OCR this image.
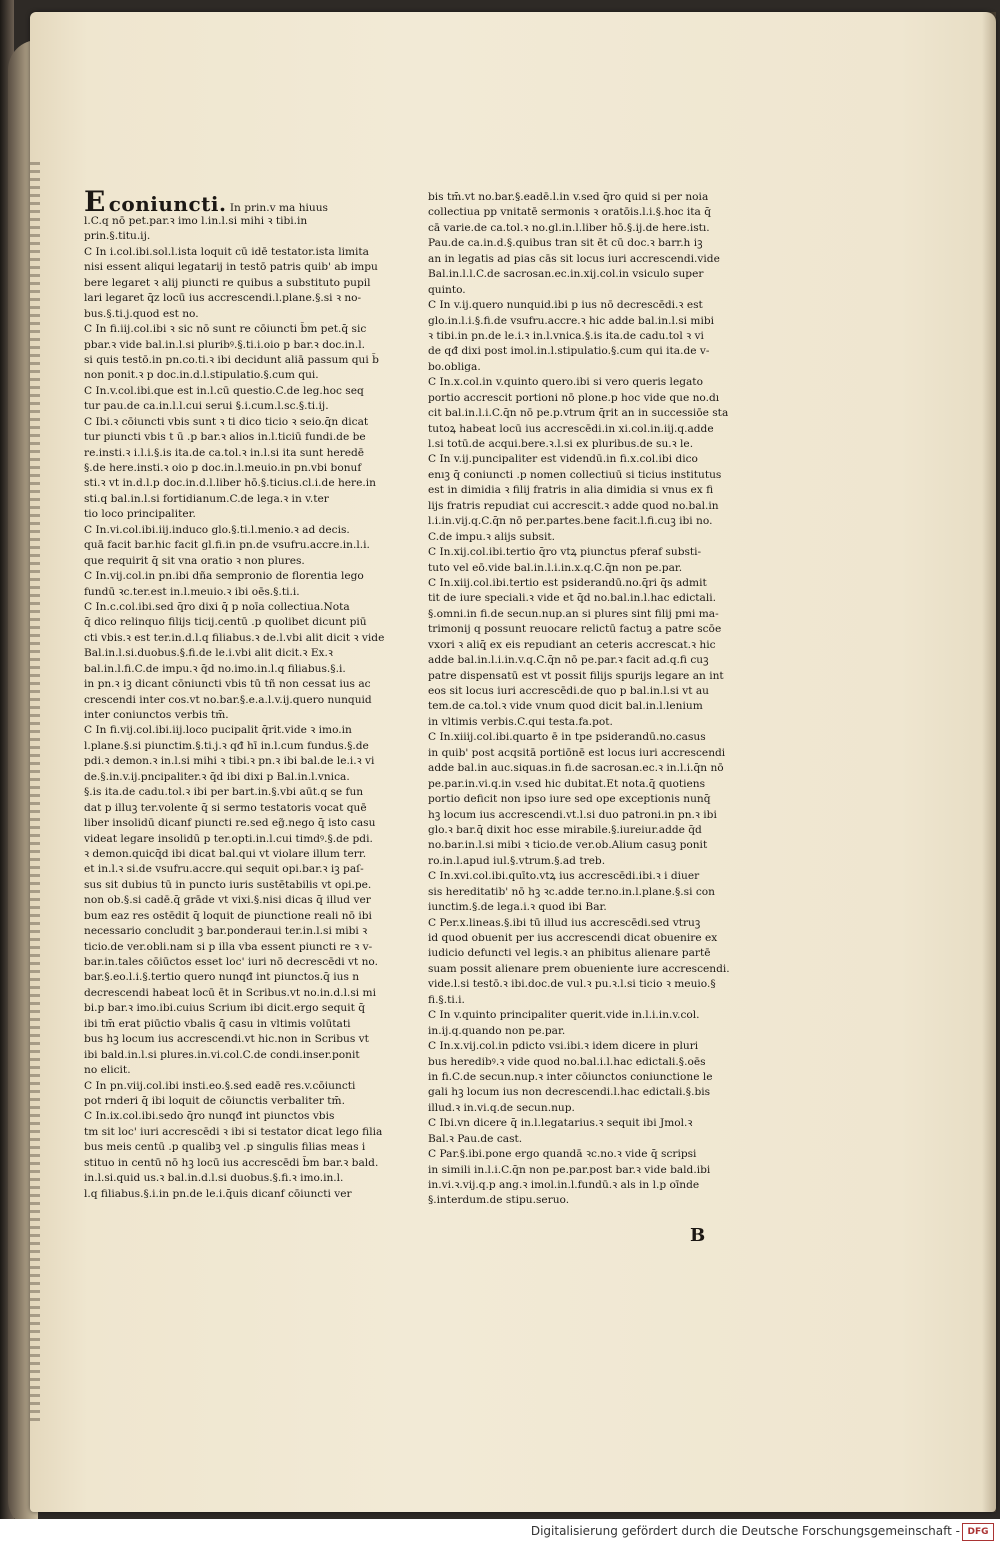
E coniuncti. In prin.v ma hiuus
l.C.q nō pet.par.ꝛ imo l.in.l.si mihi ꝛ tibi.in
prin.§.titu.ij.
C In i.col.ibi.sol.l.ista loquit cū idē testator.ista limita
nisi essent aliqui legatarij in testō patris quib' ab impu
bere legaret ꝛ alij piuncti re quibus a substituto pupil
lari legaret q̄z locū ius accrescendi.l.plane.§.si ꝛ no-
bus.§.ti.j.quod est no.
C In fi.iij.col.ibi ꝛ sic nō sunt re cōiuncti b̄m pet.q̄ sic
pbar.ꝛ vide bal.in.l.si pluribꝰ.§.ti.i.oio p bar.ꝛ doc.in.l.
si quis testō.in pn.co.ti.ꝛ ibi decidunt aliā passum qui b̄
non ponit.ꝛ p doc.in.d.l.stipulatio.§.cum qui.
C In.v.col.ibi.que est in.l.cū questio.C.de leg.hoc seq
tur pau.de ca.in.l.l.cui serui §.i.cum.l.sc.§.ti.ij.
C Ibi.ꝛ cōiuncti vbis sunt ꝛ ti dico ticio ꝛ seio.q̄n dicat
tur piuncti vbis t ū .p bar.ꝛ alios in.l.ticiū fundi.de be
re.insti.ꝛ i.l.i.§.is ita.de ca.tol.ꝛ in.l.si ita sunt heredē
§.de here.insti.ꝛ oio p doc.in.l.meuio.in pn.vbi bonuf
sti.ꝛ vt in.d.l.p doc.in.d.l.liber hō.§.ticius.cl.i.de here.in
sti.q bal.in.l.si fortidianum.C.de lega.ꝛ in v.ter
tio loco principaliter.
C In.vi.col.ibi.iij.induco glo.§.ti.l.menio.ꝛ ad decis.
quā facit bar.hic facit gl.fi.in pn.de vsufru.accre.in.l.i.
que requirit q̄ sit vna oratio ꝛ non plures.
C In.vij.col.in pn.ibi dña sempronio de florentia lego
fundū ꝛc.ter.est in.l.meuio.ꝛ ibi oēs.§.ti.i.
C In.c.col.ibi.sed q̄ro dixi q̄ p noīa collectiua.Nota
q̄ dico relinquo filijs ticij.centū .p quolibet dicunt piū
cti vbis.ꝛ est ter.in.d.l.q filiabus.ꝛ de.l.vbi alit dicit ꝛ vide
Bal.in.l.si.duobus.§.fi.de le.i.vbi alit dicit.ꝛ Ex.ꝛ
bal.in.l.fi.C.de impu.ꝛ q̄d no.imo.in.l.q filiabus.§.i.
in pn.ꝛ iꝫ dicant cōniuncti vbis tū tñ non cessat ius ac
crescendi inter cos.vt no.bar.§.e.a.l.v.ij.quero nunquid
inter coniunctos verbis tm̄.
C In fi.vij.col.ibi.iij.loco pucipalit q̄rit.vide ꝛ imo.in
l.plane.§.si piunctim.§.ti.j.ꝛ qđ hī in.l.cum fundus.§.de
pdi.ꝛ demon.ꝛ in.l.si mihi ꝛ tibi.ꝛ pn.ꝛ ibi bal.de le.i.ꝛ vi
de.§.in.v.ij.pncipaliter.ꝛ q̄d ibi dixi p Bal.in.l.vnica.
§.is ita.de cadu.tol.ꝛ ibi per bart.in.§.vbi aūt.q se fun
dat p illuꝫ ter.volente q̄ si sermo testatoris vocat quē
liber insolidū dicanf piuncti re.sed eg̃.nego q̄ isto casu
videat legare insolidū p ter.opti.in.l.cui timdꝰ.§.de pdi.
ꝛ demon.quicq̄d ibi dicat bal.qui vt violare illum terr.
et in.l.ꝛ si.de vsufru.accre.qui sequit opi.bar.ꝛ iꝫ paſ-
sus sit dubius tū in puncto iuris sustētabilis vt opi.pe.
non ob.§.si cadē.q̄ grāde vt vixi.§.nisi dicas q̄ illud ver
bum eaz res ostēdit q̄ loquit de piunctione reali nō ibi
necessario concludit ꝫ bar.ponderaui ter.in.l.si mibi ꝛ
ticio.de ver.obli.nam si p illa vba essent piuncti re ꝛ v-
bar.in.tales cōiūctos esset loc' iuri nō decrescēdi vt no.
bar.§.eo.l.i.§.tertio quero nunqđ int piunctos.q̄ ius n
decrescendi habeat locū ēt in Scribus.vt no.in.d.l.si mi
bi.p bar.ꝛ imo.ibi.cuius Scrium ibi dicit.ergo sequit q̄
ibi tm̄ erat piūctio vbalis q̄ casu in vltimis volūtati
bus hꝫ locum ius accrescendi.vt hic.non in Scribus vt
ibi bald.in.l.si plures.in.vi.col.C.de condi.inser.ponit
no elicit.
C In pn.viij.col.ibi insti.eo.§.sed eadē res.v.cōiuncti
pot rnderi q̄ ibi loquit de cōiunctis verbaliter tm̄.
C In.ix.col.ibi.sedo q̄ro nunqđ int piunctos vbis
tm sit loc' iuri accrescēdi ꝛ ibi si testator dicat lego filia
bus meis centū .p qualibꝫ vel .p singulis filias meas i
stituo in centū nō hꝫ locū ius accrescēdi b̄m bar.ꝛ bald.
in.l.si.quid us.ꝛ bal.in.d.l.si duobus.§.fi.ꝛ imo.in.l.
l.q filiabus.§.i.in pn.de le.i.q̄uis dicanf cōiuncti ver
bis tm̄.vt no.bar.§.eadē.l.in v.sed q̄ro quid si per noia
collectiua pp vnitatē sermonis ꝛ oratōis.l.i.§.hoc ita q̄
cā varie.de ca.tol.ꝛ no.gl.in.l.liber hō.§.ij.de here.istı.
Pau.de ca.in.d.§.quibus tran sit ēt cū doc.ꝛ barr.h iꝫ
an in legatis ad pias cās sit locus iuri accrescendi.vide
Bal.in.l.l.C.de sacrosan.ec.in.xij.col.in vsiculo super
quinto.
C In v.ij.quero nunquid.ibi p ius nō decrescēdi.ꝛ est
glo.in.l.i.§.fi.de vsufru.accre.ꝛ hic adde bal.in.l.si mibi
ꝛ tibi.in pn.de le.i.ꝛ in.l.vnica.§.is ita.de cadu.tol ꝛ vi
de qđ dixi post imol.in.l.stipulatio.§.cum qui ita.de v-
bo.obliga.
C In.x.col.in v.quinto quero.ibi si vero queris legato
portio accrescit portioni nō plone.p hoc vide que no.dı
cit bal.in.l.i.C.q̄n nō pe.p.vtrum q̄rit an in successiōe sta
tutoꝝ habeat locū ius accrescēdi.in xi.col.in.iij.q.adde
l.si totū.de acqui.bere.ꝛ.l.si ex pluribus.de su.ꝛ le.
C In v.ij.puncipaliter est videndū.in fi.x.col.ibi dico
enıꝫ q̄ coniuncti .p nomen collectiuū si ticius institutus
est in dimidia ꝛ filij fratris in alia dimidia si vnus ex fi
lijs fratris repudiat cui accrescit.ꝛ adde quod no.bal.in
l.i.in.vij.q.C.q̄n nō per.partes.bene facit.l.fi.cuꝫ ibi no.
C.de impu.ꝛ alijs subsit.
C In.xij.col.ibi.tertio q̄ro vtꝝ piunctus pferaf substi-
tuto vel eō.vide bal.in.l.i.in.x.q.C.q̄n non pe.par.
C In.xiij.col.ibi.tertio est psiderandū.no.q̄ri q̄s admit
tit de iure speciali.ꝛ vide et q̄d no.bal.in.l.hac edictali.
§.omni.in fi.de secun.nup.an si plures sint filij pmi ma-
trimonij q possunt reuocare relictū factuꝫ a patre scōe
vxori ꝛ aliq̄ ex eis repudiant an ceteris accrescat.ꝛ hic
adde bal.in.l.i.in.v.q.C.q̄n nō pe.par.ꝛ facit ad.q.fi cuꝫ
patre dispensatū est vt possit filijs spurijs legare an int
eos sit locus iuri accrescēdi.de quo p bal.in.l.si vt au
tem.de ca.tol.ꝛ vide vnum quod dicit bal.in.l.lenium
in vltimis verbis.C.qui testa.fa.pot.
C In.xiiij.col.ibi.quarto ē in tpe psiderandū.no.casus
in quib' post acqsitā portiōnē est locus iuri accrescendi
adde bal.in auc.siquas.in fi.de sacrosan.ec.ꝛ in.l.i.q̄n nō
pe.par.in.vi.q.in v.sed hic dubitat.Et nota.q̄ quotiens
portio deficit non ipso iure sed ope exceptionis nunq̄
hꝫ locum ius accrescendi.vt.l.si duo patroni.in pn.ꝛ ibi
glo.ꝛ bar.q̄ dixit hoc esse mirabile.§.iureiur.adde q̄d
no.bar.in.l.si mibi ꝛ ticio.de ver.ob.Alium casuꝫ ponit
ro.in.l.apud iul.§.vtrum.§.ad treb.
C In.xvi.col.ibi.quīto.vtꝝ ius accrescēdi.ibi.ꝛ i diuer
sis hereditatib' nō hꝫ ꝛc.adde ter.no.in.l.plane.§.si con
iunctim.§.de lega.i.ꝛ quod ibi Bar.
C Per.x.lineas.§.ibi tū illud ius accrescēdi.sed vtruꝫ
id quod obuenit per ius accrescendi dicat obuenire ex
iudicio defuncti vel legis.ꝛ an phibitus alienare partē
suam possit alienare prem obueniente iure accrescendi.
vide.l.si testō.ꝛ ibi.doc.de vul.ꝛ pu.ꝛ.l.si ticio ꝛ meuio.§
fi.§.ti.i.
C In v.quinto principaliter querit.vide in.l.i.in.v.col.
in.ij.q.quando non pe.par.
C In.x.vij.col.in pdicto vsi.ibi.ꝛ idem dicere in pluri
bus heredibꝰ.ꝛ vide quod no.bal.i.l.hac edictali.§.oēs
in fi.C.de secun.nup.ꝛ inter cōiunctos coniunctione le
gali hꝫ locum ius non decrescendi.l.hac edictali.§.bis
illud.ꝛ in.vi.q.de secun.nup.
C Ibi.vn dicere q̄ in.l.legatarius.ꝛ sequit ibi Jmol.ꝛ
Bal.ꝛ Pau.de cast.
C Par.§.ibi.pone ergo quandā ꝛc.no.ꝛ vide q̄ scripsi
in simili in.l.i.C.q̄n non pe.par.post bar.ꝛ vide bald.ibi
in.vi.ꝛ.vij.q.p ang.ꝛ imol.in.l.fundū.ꝛ als in l.p oīnde
§.interdum.de stipu.seruo.
B
Digitalisierung gefördert durch die Deutsche Forschungsgemeinschaft - DFG
